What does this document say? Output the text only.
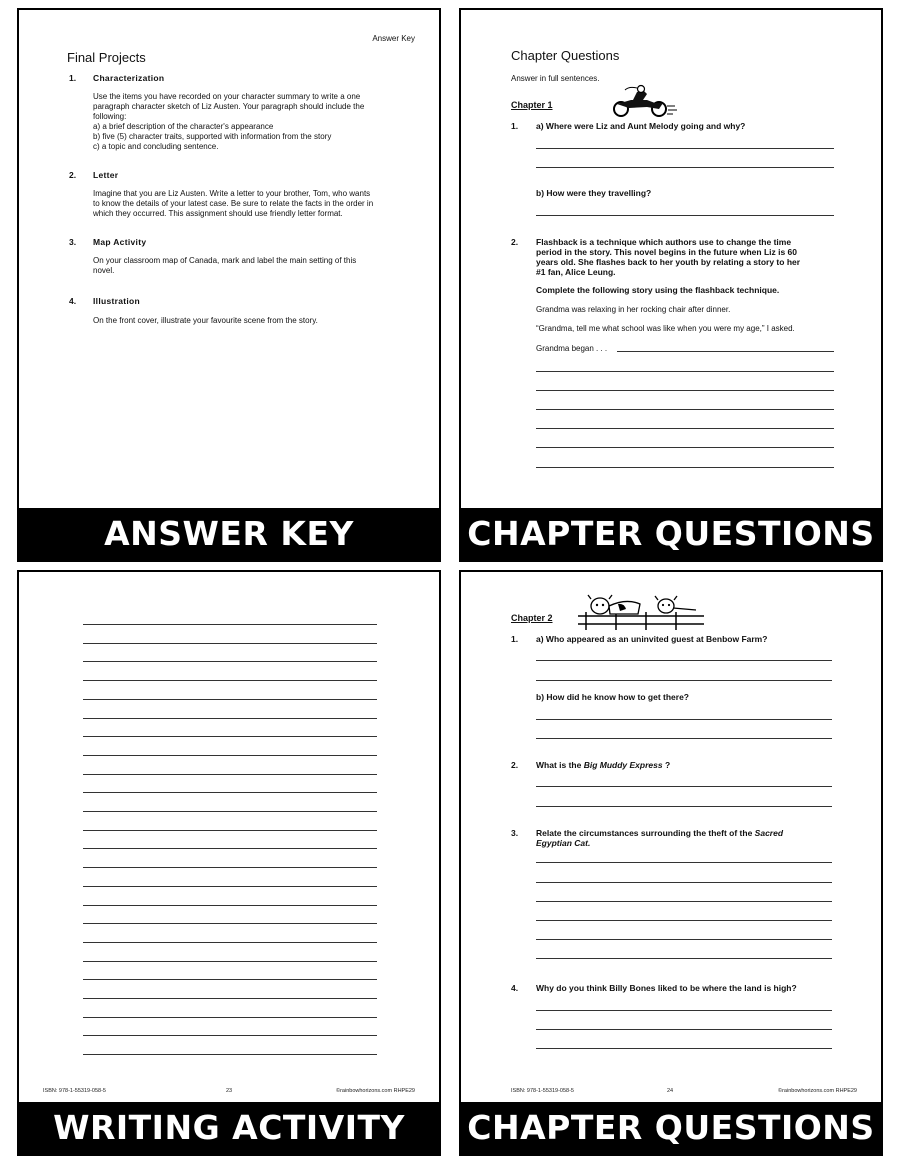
Answer Key
Final Projects
1. Characterization
Use the items you have recorded on your character summary to write a one
paragraph character sketch of Liz Austen. Your paragraph should include the
following:
a) a brief description of the character's appearance
b) five (5) character traits, supported with information from the story
c) a topic and concluding sentence.
2. Letter
Imagine that you are Liz Austen. Write a letter to your brother, Tom, who wants
to know the details of your latest case. Be sure to relate the facts in the order in
which they occurred. This assignment should use friendly letter format.
3. Map Activity
On your classroom map of Canada, mark and label the main setting of this
novel.
4. Illustration
On the front cover, illustrate your favourite scene from the story.
ANSWER KEY
Chapter Questions
Answer in full sentences.
Chapter 1
1. a) Where were Liz and Aunt Melody going and why?
b) How were they travelling?
2. Flashback is a technique which authors use to change the time
period in the story. This novel begins in the future when Liz is 60
years old. She flashes back to her youth by relating a story to her
#1 fan, Alice Leung.
Complete the following story using the flashback technique.
Grandma was relaxing in her rocking chair after dinner.
“Grandma, tell me what school was like when you were my age,” I asked.
Grandma began . . .
CHAPTER QUESTIONS
ISBN: 978-1-55319-058-5	23	©rainbowhorizons.com RHPE29
WRITING ACTIVITY
Chapter 2
1. a) Who appeared as an uninvited guest at Benbow Farm?
b) How did he know how to get there?
2. What is the Big Muddy Express ?
3. Relate the circumstances surrounding the theft of the Sacred
Egyptian Cat.
4. Why do you think Billy Bones liked to be where the land is high?
ISBN: 978-1-55319-058-5	24	©rainbowhorizons.com RHPE29
CHAPTER QUESTIONS
